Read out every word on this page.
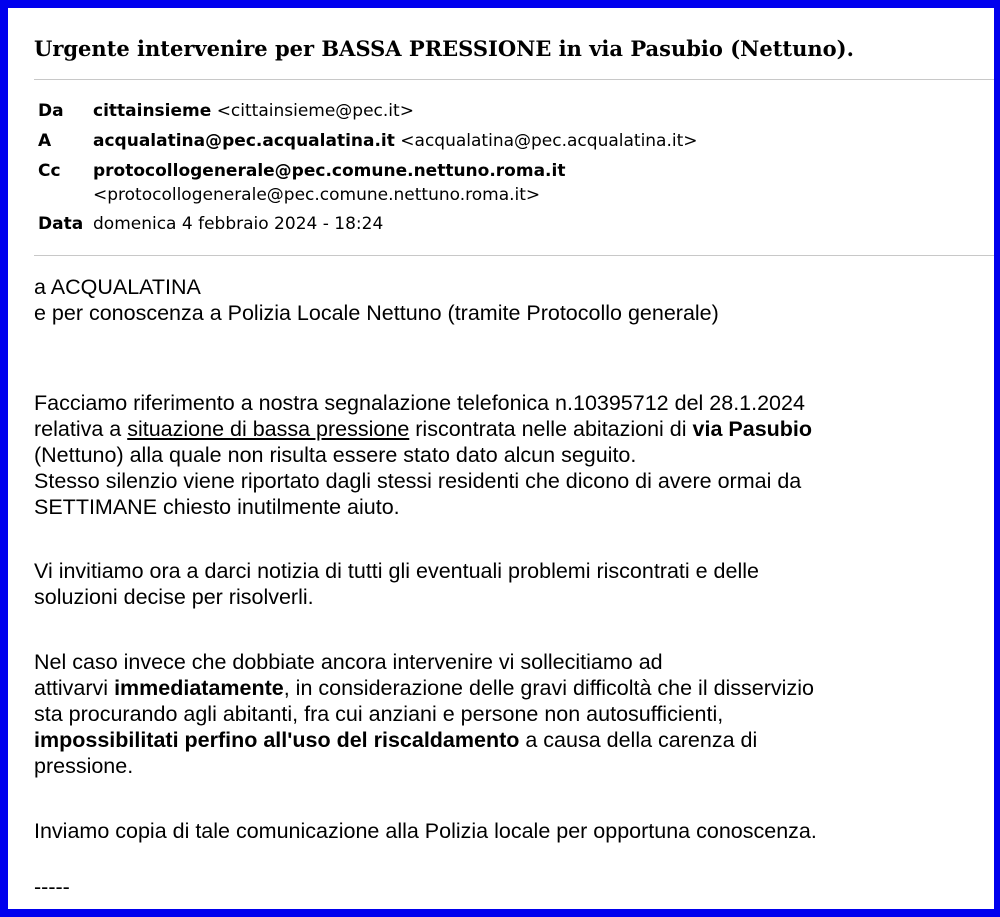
Urgente intervenire per BASSA PRESSIONE in via Pasubio (Nettuno).
Da cittainsieme <cittainsieme@pec.it>
A acqualatina@pec.acqualatina.it <acqualatina@pec.acqualatina.it>
Cc protocollogenerale@pec.comune.nettuno.roma.it
<protocollogenerale@pec.comune.nettuno.roma.it>
Data domenica 4 febbraio 2024 - 18:24
a ACQUALATINA
e per conoscenza a Polizia Locale Nettuno (tramite Protocollo generale)
Facciamo riferimento a nostra segnalazione telefonica n.10395712 del 28.1.2024
relativa a situazione di bassa pressione riscontrata nelle abitazioni di via Pasubio
(Nettuno) alla quale non risulta essere stato dato alcun seguito.
Stesso silenzio viene riportato dagli stessi residenti che dicono di avere ormai da
SETTIMANE chiesto inutilmente aiuto.
Vi invitiamo ora a darci notizia di tutti gli eventuali problemi riscontrati e delle
soluzioni decise per risolverli.
Nel caso invece che dobbiate ancora intervenire vi sollecitiamo ad
attivarvi immediatamente, in considerazione delle gravi difficoltà che il disservizio
sta procurando agli abitanti, fra cui anziani e persone non autosufficienti,
impossibilitati perfino all'uso del riscaldamento a causa della carenza di
pressione.
Inviamo copia di tale comunicazione alla Polizia locale per opportuna conoscenza.
-----
